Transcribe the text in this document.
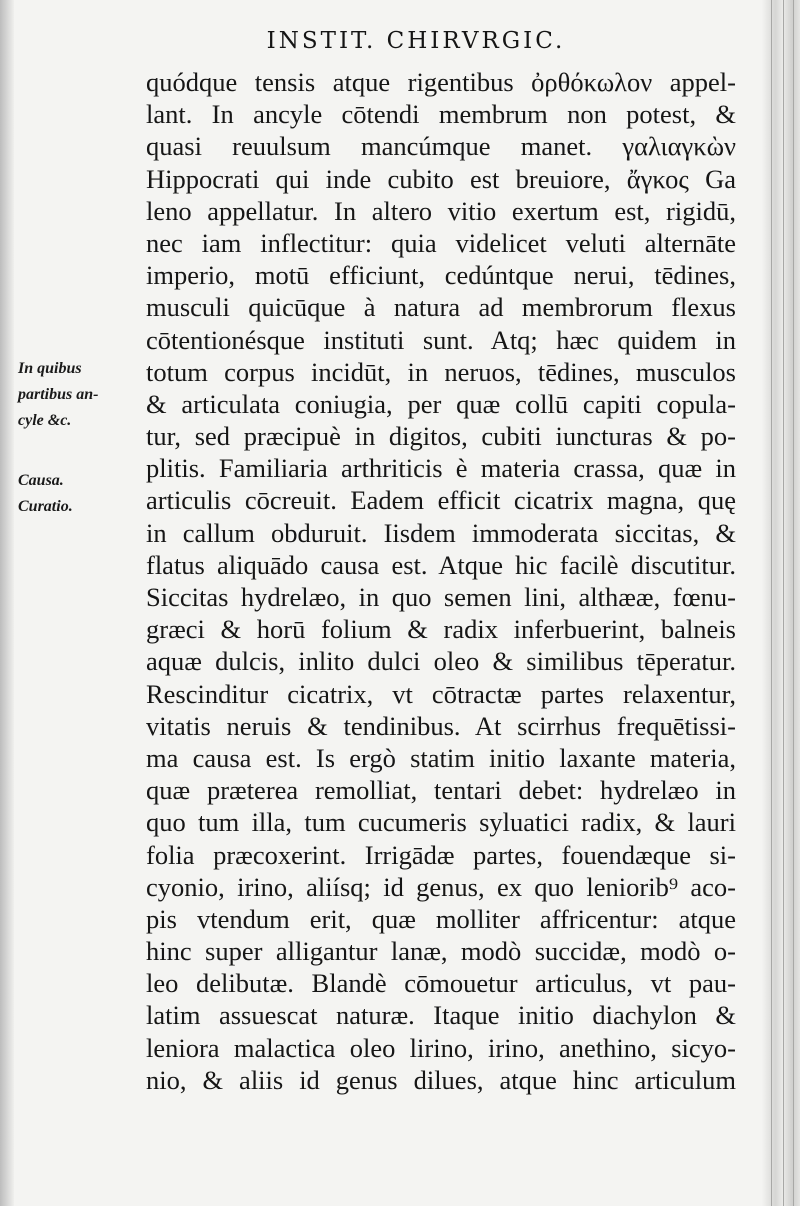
INSTIT. CHIRVRGIC.
In quibus
partibus an-
cyle &c.
Causa.
Curatio.
quódque tensis atque rigentibus ὀρθόκωλον appel-
lant. In ancyle cōtendi membrum non potest, &
quasi reuulsum mancúmque manet. γαλιαγκὼν
Hippocrati qui inde cubito est breuiore, ἄγκος Ga
leno appellatur. In altero vitio exertum est, rigidū,
nec iam inflectitur: quia videlicet veluti alternāte
imperio, motū efficiunt, cedúntque nerui, tēdines,
musculi quicūque à natura ad membrorum flexus
cōtentionésque instituti sunt. Atq; hæc quidem in
totum corpus incidūt, in neruos, tēdines, musculos
& articulata coniugia, per quæ collū capiti copula-
tur, sed præcipuè in digitos, cubiti iuncturas & po-
plitis. Familiaria arthriticis è materia crassa, quæ in
articulis cōcreuit. Eadem efficit cicatrix magna, quę
in callum obduruit. Iisdem immoderata siccitas, &
flatus aliquādo causa est. Atque hic facilè discutitur.
Siccitas hydrelæo, in quo semen lini, althææ, fœnu-
græci & horū folium & radix inferbuerint, balneis
aquæ dulcis, inlito dulci oleo & similibus tēperatur.
Rescinditur cicatrix, vt cōtractæ partes relaxentur,
vitatis neruis & tendinibus. At scirrhus frequētissi-
ma causa est. Is ergò statim initio laxante materia,
quæ præterea remolliat, tentari debet: hydrelæo in
quo tum illa, tum cucumeris syluatici radix, & lauri
folia præcoxerint. Irrigādæ partes, fouendæque si-
cyonio, irino, aliísq; id genus, ex quo leniorib⁹ aco-
pis vtendum erit, quæ molliter affricentur: atque
hinc super alligantur lanæ, modò succidæ, modò o-
leo delibutæ. Blandè cōmouetur articulus, vt pau-
latim assuescat naturæ. Itaque initio diachylon &
leniora malactica oleo lirino, irino, anethino, sicyo-
nio, & aliis id genus dilues, atque hinc articulum
